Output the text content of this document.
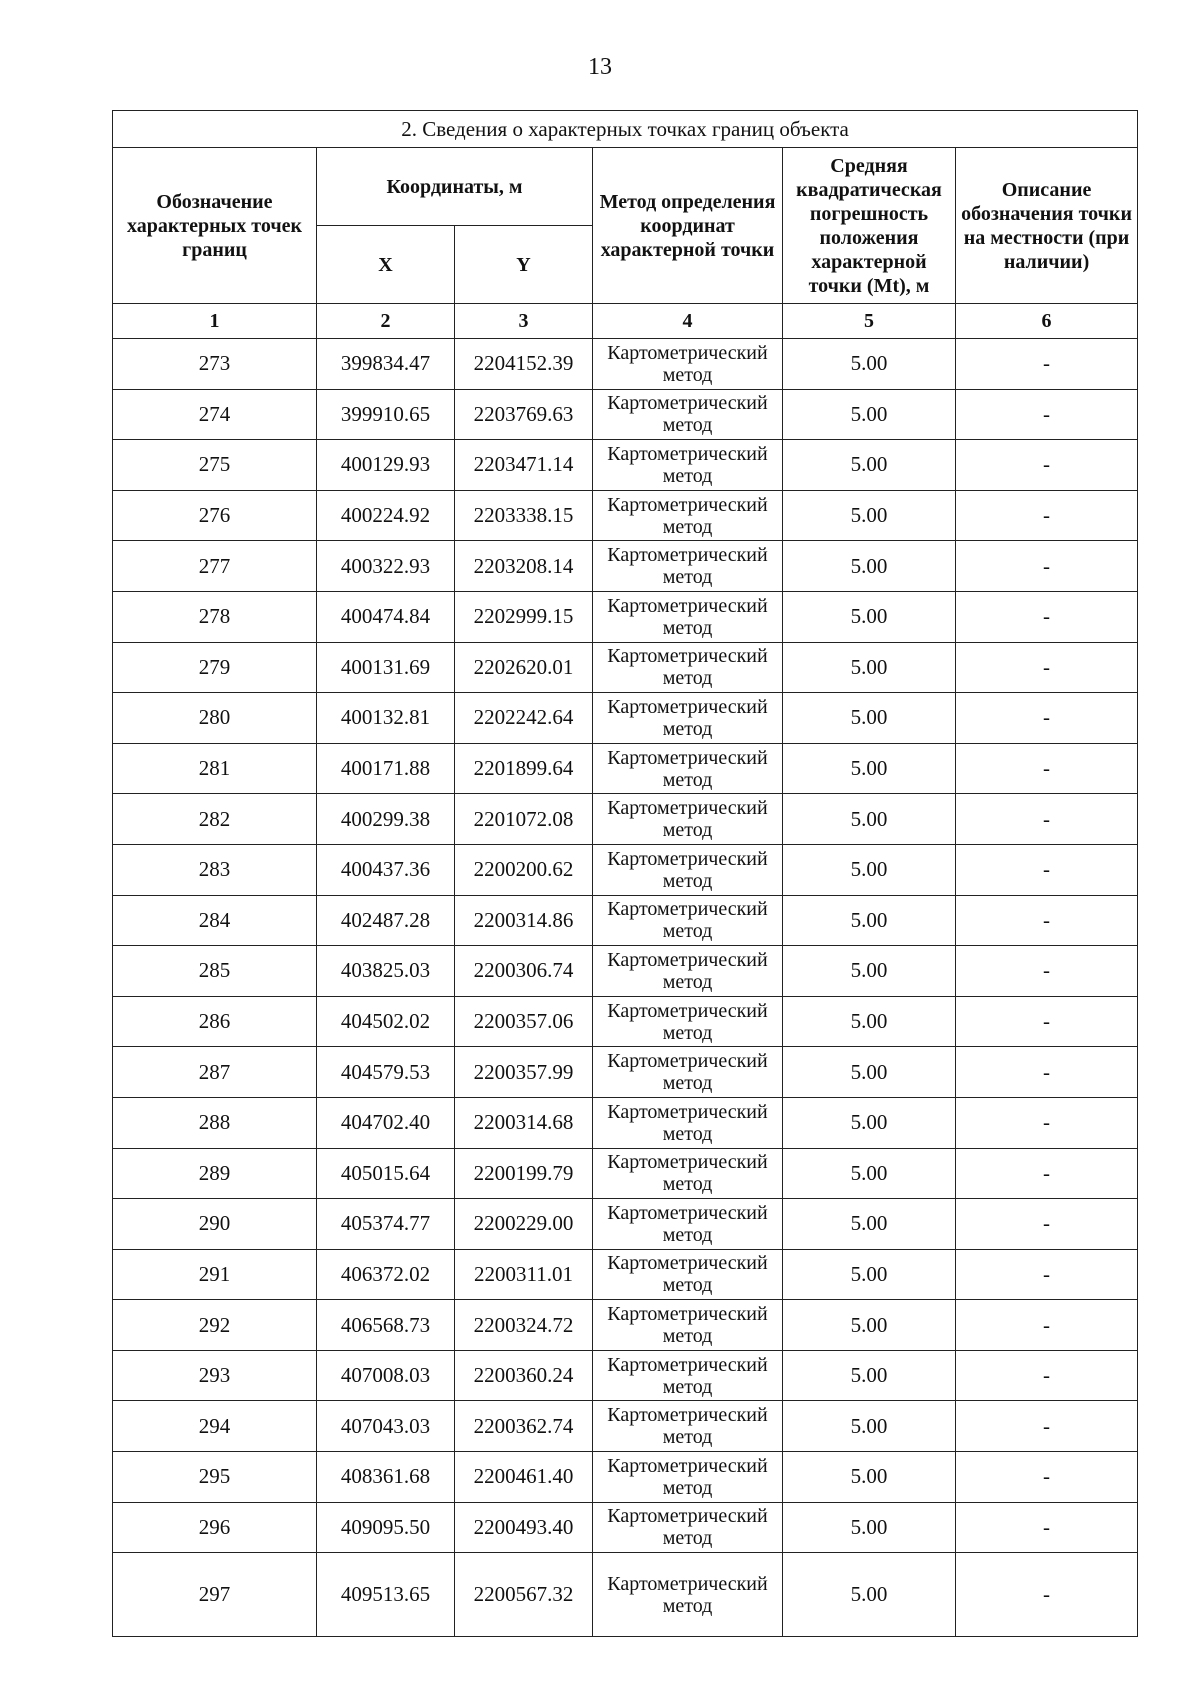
13
2. Сведения о характерных точках границ объекта					
Обозначение характерных точек границ	Координаты, м		Метод определения координат характерной точки	Средняя квадратическая погрешность положения характерной точки (Mt), м	Описание обозначения точки на местности (при наличии)
	X	Y			
1	2	3	4	5	6
273	399834.47	2204152.39	Картометрический метод	5.00	-
274	399910.65	2203769.63	Картометрический метод	5.00	-
275	400129.93	2203471.14	Картометрический метод	5.00	-
276	400224.92	2203338.15	Картометрический метод	5.00	-
277	400322.93	2203208.14	Картометрический метод	5.00	-
278	400474.84	2202999.15	Картометрический метод	5.00	-
279	400131.69	2202620.01	Картометрический метод	5.00	-
280	400132.81	2202242.64	Картометрический метод	5.00	-
281	400171.88	2201899.64	Картометрический метод	5.00	-
282	400299.38	2201072.08	Картометрический метод	5.00	-
283	400437.36	2200200.62	Картометрический метод	5.00	-
284	402487.28	2200314.86	Картометрический метод	5.00	-
285	403825.03	2200306.74	Картометрический метод	5.00	-
286	404502.02	2200357.06	Картометрический метод	5.00	-
287	404579.53	2200357.99	Картометрический метод	5.00	-
288	404702.40	2200314.68	Картометрический метод	5.00	-
289	405015.64	2200199.79	Картометрический метод	5.00	-
290	405374.77	2200229.00	Картометрический метод	5.00	-
291	406372.02	2200311.01	Картометрический метод	5.00	-
292	406568.73	2200324.72	Картометрический метод	5.00	-
293	407008.03	2200360.24	Картометрический метод	5.00	-
294	407043.03	2200362.74	Картометрический метод	5.00	-
295	408361.68	2200461.40	Картометрический метод	5.00	-
296	409095.50	2200493.40	Картометрический метод	5.00	-
297	409513.65	2200567.32	Картометрический метод	5.00	-
